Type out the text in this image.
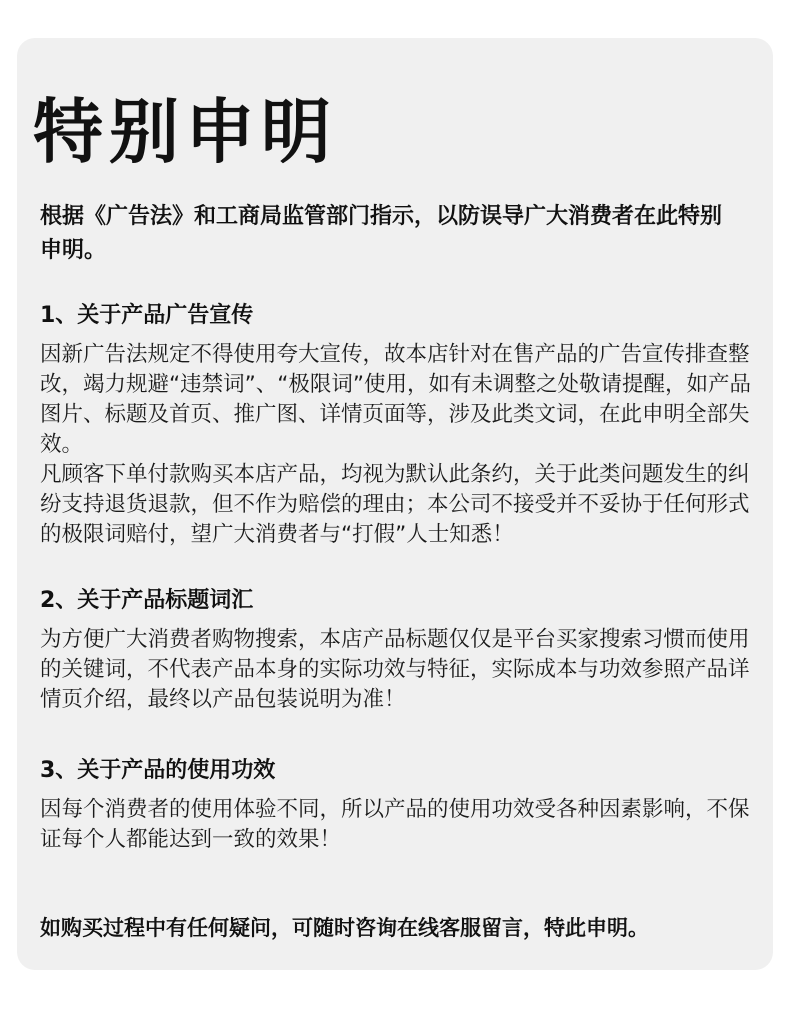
特别申明

根据《广告法》和工商局监管部门指示，以防误导广大消费者在此特别申明。

1、关于产品广告宣传

因新广告法规定不得使用夸大宣传，故本店针对在售产品的广告宣传排查整改，竭力规避“违禁词”、“极限词”使用，如有未调整之处敬请提醒，如产品图片、标题及首页、推广图、详情页面等，涉及此类文词，在此申明全部失效。

凡顾客下单付款购买本店产品，均视为默认此条约，关于此类问题发生的纠纷支持退货退款，但不作为赔偿的理由；本公司不接受并不妥协于任何形式的极限词赔付，望广大消费者与“打假”人士知悉！

2、关于产品标题词汇

为方便广大消费者购物搜索，本店产品标题仅仅是平台买家搜索习惯而使用的关键词，不代表产品本身的实际功效与特征，实际成本与功效参照产品详情页介绍，最终以产品包装说明为准！

3、关于产品的使用功效

因每个消费者的使用体验不同，所以产品的使用功效受各种因素影响，不保证每个人都能达到一致的效果！

如购买过程中有任何疑问，可随时咨询在线客服留言，特此申明。
